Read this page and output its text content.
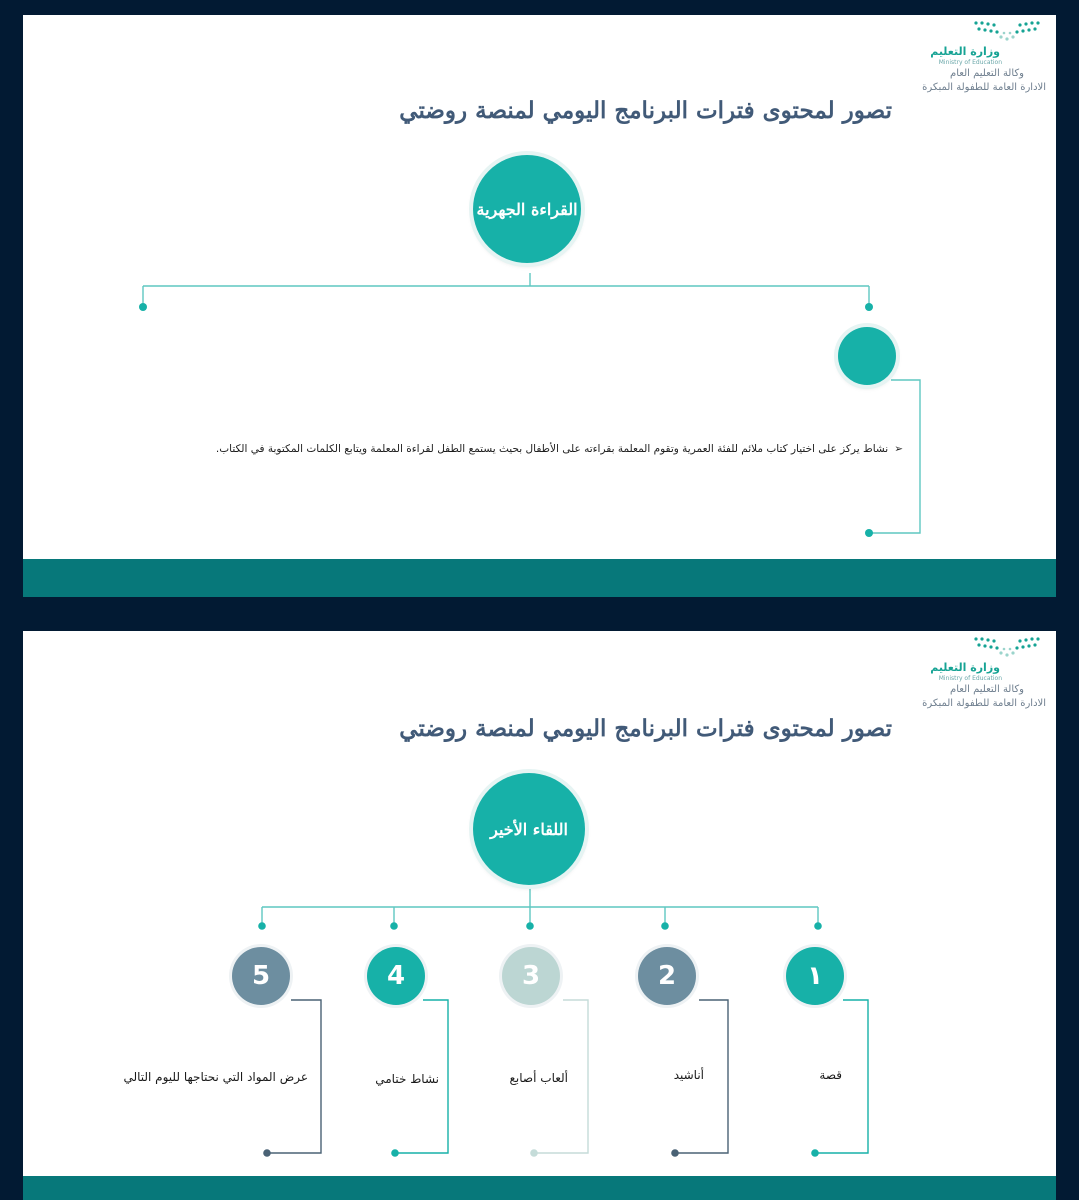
وزارة التعليم
Ministry of Education
وكالة التعليم العام
الادارة العامة للطفولة المبكرة
تصور لمحتوى فترات البرنامج اليومي لمنصة روضتي
القراءة الجهرية
➢نشاط يركز على اختيار كتاب ملائم للفئة العمرية وتقوم المعلمة بقراءته على الأطفال بحيث يستمع الطفل لقراءة المعلمة ويتابع الكلمات المكتوبة في الكتاب.
وزارة التعليم
Ministry of Education
وكالة التعليم العام
الادارة العامة للطفولة المبكرة
تصور لمحتوى فترات البرنامج اليومي لمنصة روضتي
اللقاء الأخير
١
2
3
4
5
قصة
أناشيد
ألعاب أصابع
نشاط ختامي
عرض المواد التي نحتاجها لليوم التالي
